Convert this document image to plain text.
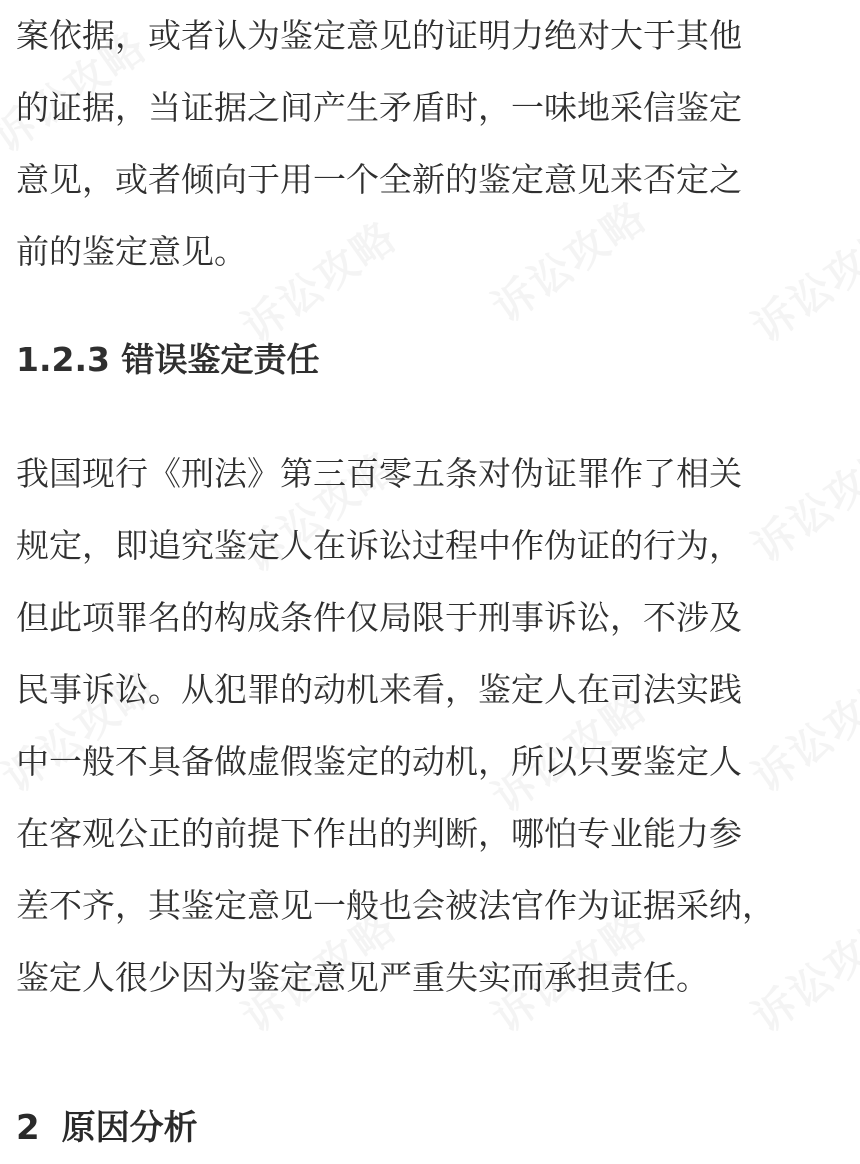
案依据，或者认为鉴定意见的证明力绝对大于其他
的证据，当证据之间产生矛盾时，一味地采信鉴定
意见，或者倾向于用一个全新的鉴定意见来否定之
前的鉴定意见。

1.2.3 错误鉴定责任

我国现行《刑法》第三百零五条对伪证罪作了相关
规定，即追究鉴定人在诉讼过程中作伪证的行为，
但此项罪名的构成条件仅局限于刑事诉讼，不涉及
民事诉讼。从犯罪的动机来看，鉴定人在司法实践
中一般不具备做虚假鉴定的动机，所以只要鉴定人
在客观公正的前提下作出的判断，哪怕专业能力参
差不齐，其鉴定意见一般也会被法官作为证据采纳，
鉴定人很少因为鉴定意见严重失实而承担责任。

2 原因分析
